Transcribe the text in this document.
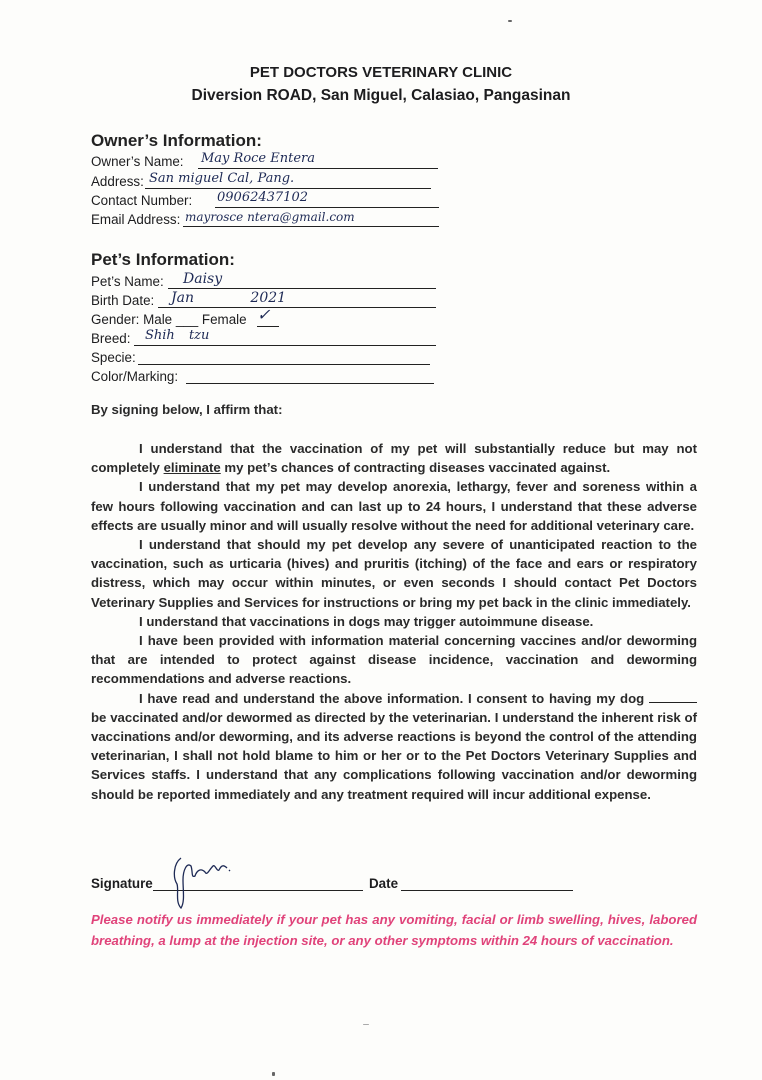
PET DOCTORS VETERINARY CLINIC
Diversion ROAD, San Miguel, Calasiao, Pangasinan
Owner’s Information:
Owner’s Name: May Roce Entera
Address: San miguel Cal, Pang.
Contact Number: 09062437102
Email Address: mayrosce ntera@gmail.com
Pet’s Information:
Pet’s Name: Daisy
Birth Date: Jan 2021
Gender: Male ___ Female ✓
Breed: Shih tzu
Specie:
Color/Marking:
By signing below, I affirm that:

I understand that the vaccination of my pet will substantially reduce but may not completely eliminate my pet’s chances of contracting diseases vaccinated against.

I understand that my pet may develop anorexia, lethargy, fever and soreness within a few hours following vaccination and can last up to 24 hours, I understand that these adverse effects are usually minor and will usually resolve without the need for additional veterinary care.

I understand that should my pet develop any severe of unanticipated reaction to the vaccination, such as urticaria (hives) and pruritis (itching) of the face and ears or respiratory distress, which may occur within minutes, or even seconds I should contact Pet Doctors Veterinary Supplies and Services for instructions or bring my pet back in the clinic immediately.

I understand that vaccinations in dogs may trigger autoimmune disease.

I have been provided with information material concerning vaccines and/or deworming that are intended to protect against disease incidence, vaccination and deworming recommendations and adverse reactions.

I have read and understand the above information. I consent to having my dog  be vaccinated and/or dewormed as directed by the veterinarian. I understand the inherent risk of vaccinations and/or deworming, and its adverse reactions is beyond the control of the attending veterinarian, I shall not hold blame to him or her or to the Pet Doctors Veterinary Supplies and Services staffs. I understand that any complications following vaccination and/or deworming should be reported immediately and any treatment required will incur additional expense.

Signature	Date
Please notify us immediately if your pet has any vomiting, facial or limb swelling, hives, labored breathing, a lump at the injection site, or any other symptoms within 24 hours of vaccination.
